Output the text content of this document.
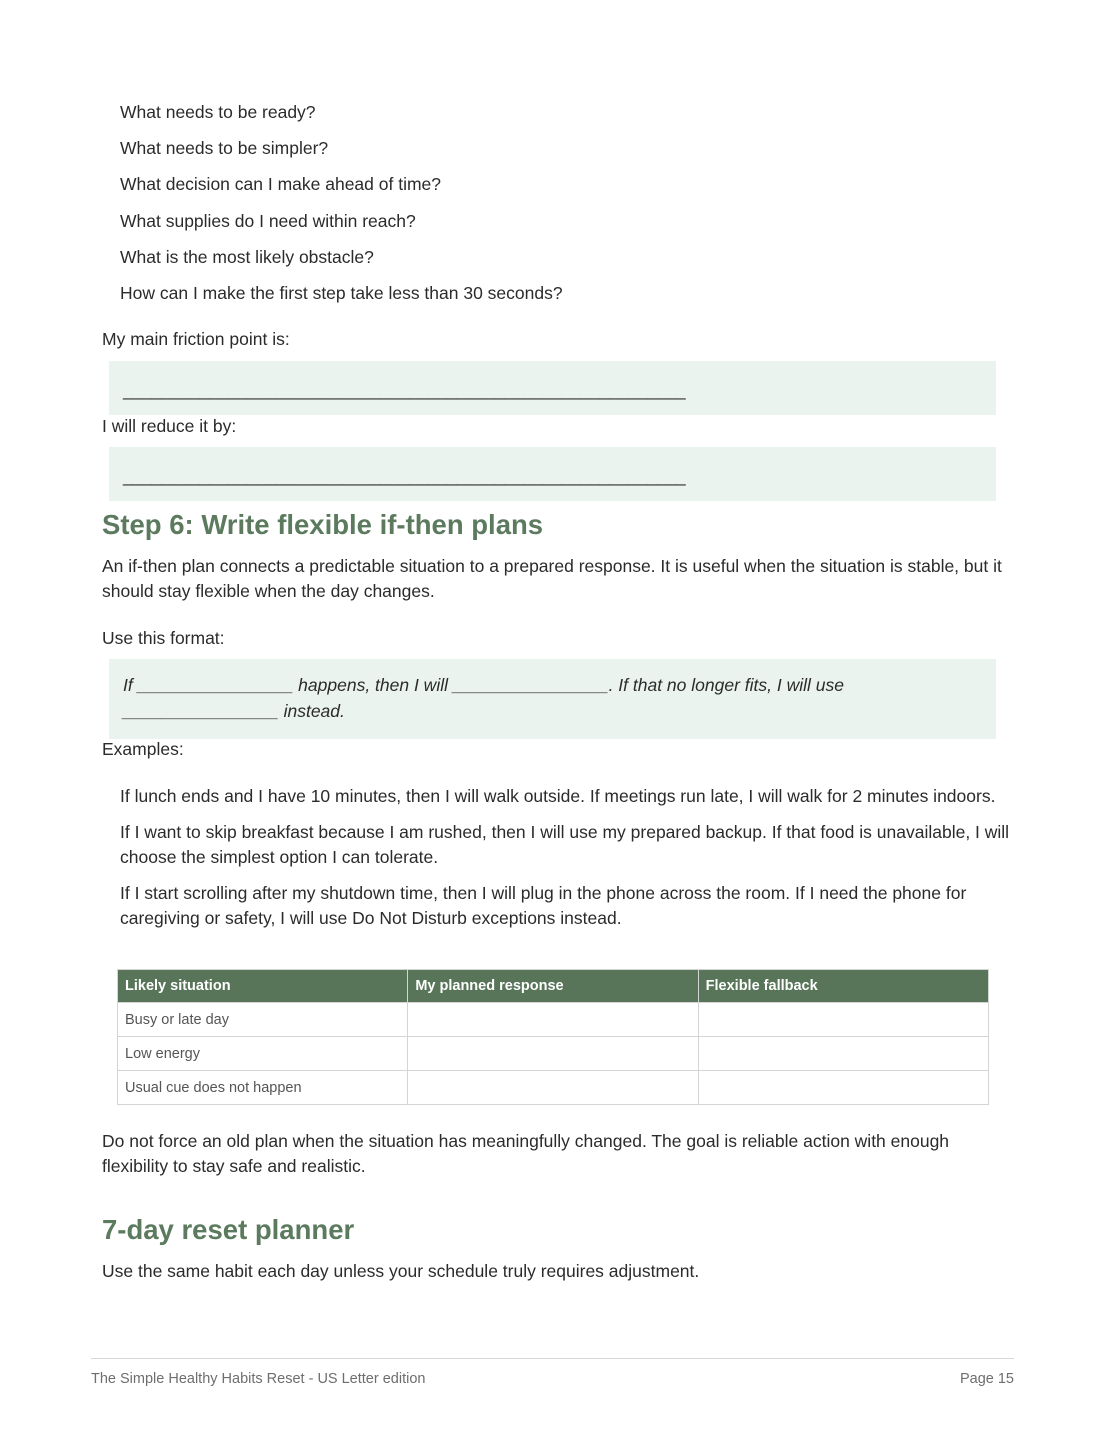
What needs to be ready?
What needs to be simpler?
What decision can I make ahead of time?
What supplies do I need within reach?
What is the most likely obstacle?
How can I make the first step take less than 30 seconds?

My main friction point is:

___________________________________________________________

I will reduce it by:

___________________________________________________________
Step 6: Write flexible if-then plans

An if-then plan connects a predictable situation to a prepared response. It is useful when the situation is stable, but it should stay flexible when the day changes.

Use this format:

If ________________ happens, then I will ________________. If that no longer fits, I will use ________________ instead.

Examples:

If lunch ends and I have 10 minutes, then I will walk outside. If meetings run late, I will walk for 2 minutes indoors.
If I want to skip breakfast because I am rushed, then I will use my prepared backup. If that food is unavailable, I will choose the simplest option I can tolerate.
If I start scrolling after my shutdown time, then I will plug in the phone across the room. If I need the phone for caregiving or safety, I will use Do Not Disturb exceptions instead.
Likely situation	My planned response	Flexible fallback
Busy or late day		
Low energy		
Usual cue does not happen		

Do not force an old plan when the situation has meaningfully changed. The goal is reliable action with enough flexibility to stay safe and realistic.

7-day reset planner

Use the same habit each day unless your schedule truly requires adjustment.

The Simple Healthy Habits Reset - US Letter edition	Page 15
